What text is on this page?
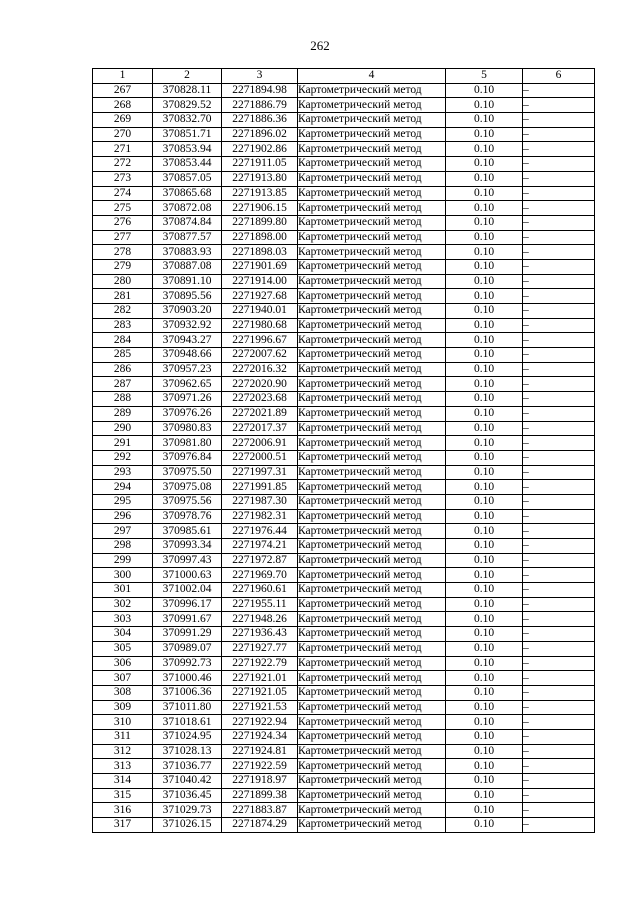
262
1	2	3	4	5	6
267	370828.11	2271894.98	Картометрический метод	0.10	–
268	370829.52	2271886.79	Картометрический метод	0.10	–
269	370832.70	2271886.36	Картометрический метод	0.10	–
270	370851.71	2271896.02	Картометрический метод	0.10	–
271	370853.94	2271902.86	Картометрический метод	0.10	–
272	370853.44	2271911.05	Картометрический метод	0.10	–
273	370857.05	2271913.80	Картометрический метод	0.10	–
274	370865.68	2271913.85	Картометрический метод	0.10	–
275	370872.08	2271906.15	Картометрический метод	0.10	–
276	370874.84	2271899.80	Картометрический метод	0.10	–
277	370877.57	2271898.00	Картометрический метод	0.10	–
278	370883.93	2271898.03	Картометрический метод	0.10	–
279	370887.08	2271901.69	Картометрический метод	0.10	–
280	370891.10	2271914.00	Картометрический метод	0.10	–
281	370895.56	2271927.68	Картометрический метод	0.10	–
282	370903.20	2271940.01	Картометрический метод	0.10	–
283	370932.92	2271980.68	Картометрический метод	0.10	–
284	370943.27	2271996.67	Картометрический метод	0.10	–
285	370948.66	2272007.62	Картометрический метод	0.10	–
286	370957.23	2272016.32	Картометрический метод	0.10	–
287	370962.65	2272020.90	Картометрический метод	0.10	–
288	370971.26	2272023.68	Картометрический метод	0.10	–
289	370976.26	2272021.89	Картометрический метод	0.10	–
290	370980.83	2272017.37	Картометрический метод	0.10	–
291	370981.80	2272006.91	Картометрический метод	0.10	–
292	370976.84	2272000.51	Картометрический метод	0.10	–
293	370975.50	2271997.31	Картометрический метод	0.10	–
294	370975.08	2271991.85	Картометрический метод	0.10	–
295	370975.56	2271987.30	Картометрический метод	0.10	–
296	370978.76	2271982.31	Картометрический метод	0.10	–
297	370985.61	2271976.44	Картометрический метод	0.10	–
298	370993.34	2271974.21	Картометрический метод	0.10	–
299	370997.43	2271972.87	Картометрический метод	0.10	–
300	371000.63	2271969.70	Картометрический метод	0.10	–
301	371002.04	2271960.61	Картометрический метод	0.10	–
302	370996.17	2271955.11	Картометрический метод	0.10	–
303	370991.67	2271948.26	Картометрический метод	0.10	–
304	370991.29	2271936.43	Картометрический метод	0.10	–
305	370989.07	2271927.77	Картометрический метод	0.10	–
306	370992.73	2271922.79	Картометрический метод	0.10	–
307	371000.46	2271921.01	Картометрический метод	0.10	–
308	371006.36	2271921.05	Картометрический метод	0.10	–
309	371011.80	2271921.53	Картометрический метод	0.10	–
310	371018.61	2271922.94	Картометрический метод	0.10	–
311	371024.95	2271924.34	Картометрический метод	0.10	–
312	371028.13	2271924.81	Картометрический метод	0.10	–
313	371036.77	2271922.59	Картометрический метод	0.10	–
314	371040.42	2271918.97	Картометрический метод	0.10	–
315	371036.45	2271899.38	Картометрический метод	0.10	–
316	371029.73	2271883.87	Картометрический метод	0.10	–
317	371026.15	2271874.29	Картометрический метод	0.10	–
